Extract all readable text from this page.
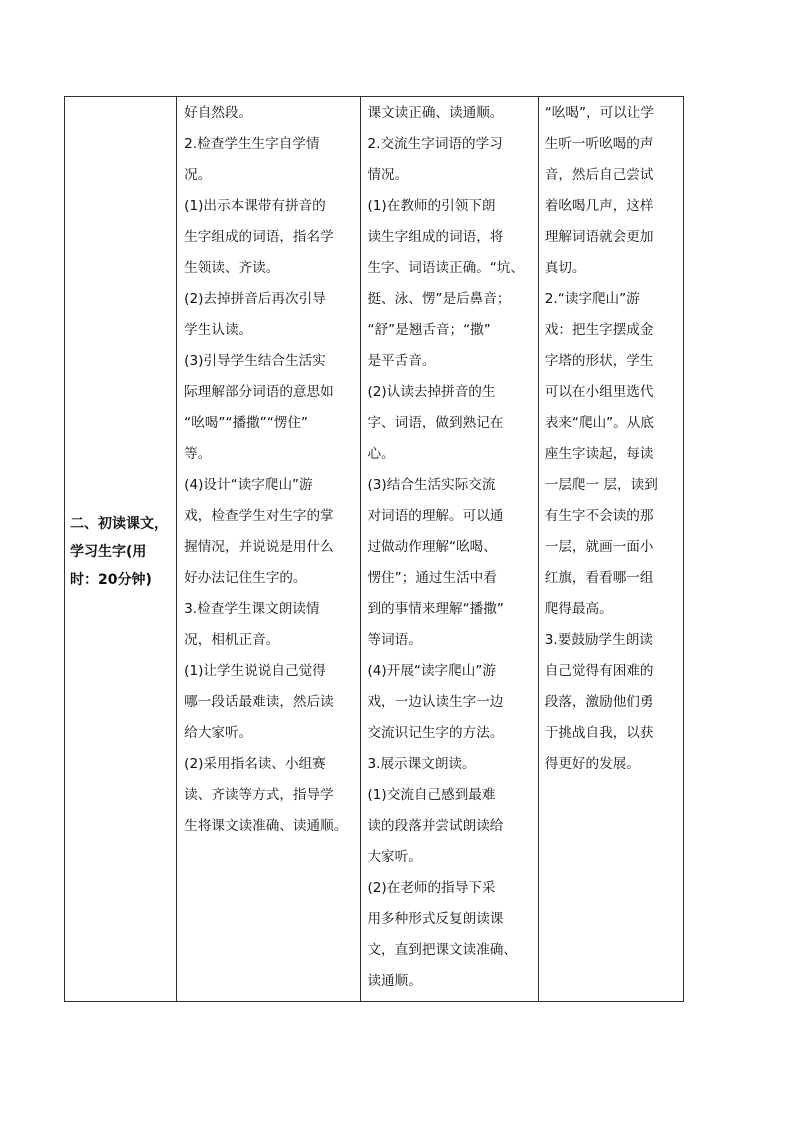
二、初读课文，
学习生字(用
时：20分钟)

好自然段。
2.检查学生生字自学情
况。
(1)出示本课带有拼音的
生字组成的词语，指名学
生领读、齐读。
(2)去掉拼音后再次引导
学生认读。
(3)引导学生结合生活实
际理解部分词语的意思如
“吆喝”“播撒”“愣住”
等。
(4)设计“读字爬山”游
戏，检查学生对生字的掌
握情况，并说说是用什么
好办法记住生字的。
3.检查学生课文朗读情
况，相机正音。
(1)让学生说说自己觉得
哪一段话最难读，然后读
给大家听。
(2)采用指名读、小组赛
读、齐读等方式，指导学
生将课文读准确、读通顺。

课文读正确、读通顺。
2.交流生字词语的学习
情况。
(1)在教师的引领下朗
读生字组成的词语，将
生字、词语读正确。“坑、
挺、泳、愣”是后鼻音；
“舒”是翘舌音；“撒”
是平舌音。
(2)认读去掉拼音的生
字、词语，做到熟记在
心。
(3)结合生活实际交流
对词语的理解。可以通
过做动作理解“吆喝、
愣住”；通过生活中看
到的事情来理解“播撒”
等词语。
(4)开展“读字爬山”游
戏，一边认读生字一边
交流识记生字的方法。
3.展示课文朗读。
(1)交流自己感到最难
读的段落并尝试朗读给
大家听。
(2)在老师的指导下采
用多种形式反复朗读课
文，直到把课文读准确、
读通顺。

“吆喝”，可以让学
生听一听吆喝的声
音，然后自己尝试
着吆喝几声，这样
理解词语就会更加
真切。
2.“读字爬山”游
戏：把生字摆成金
字塔的形状，学生
可以在小组里选代
表来“爬山”。从底
座生字读起，每读
一层爬一 层，读到
有生字不会读的那
一层，就画一面小
红旗，看看哪一组
爬得最高。
3.要鼓励学生朗读
自己觉得有困难的
段落，激励他们勇
于挑战自我，以获
得更好的发展。
